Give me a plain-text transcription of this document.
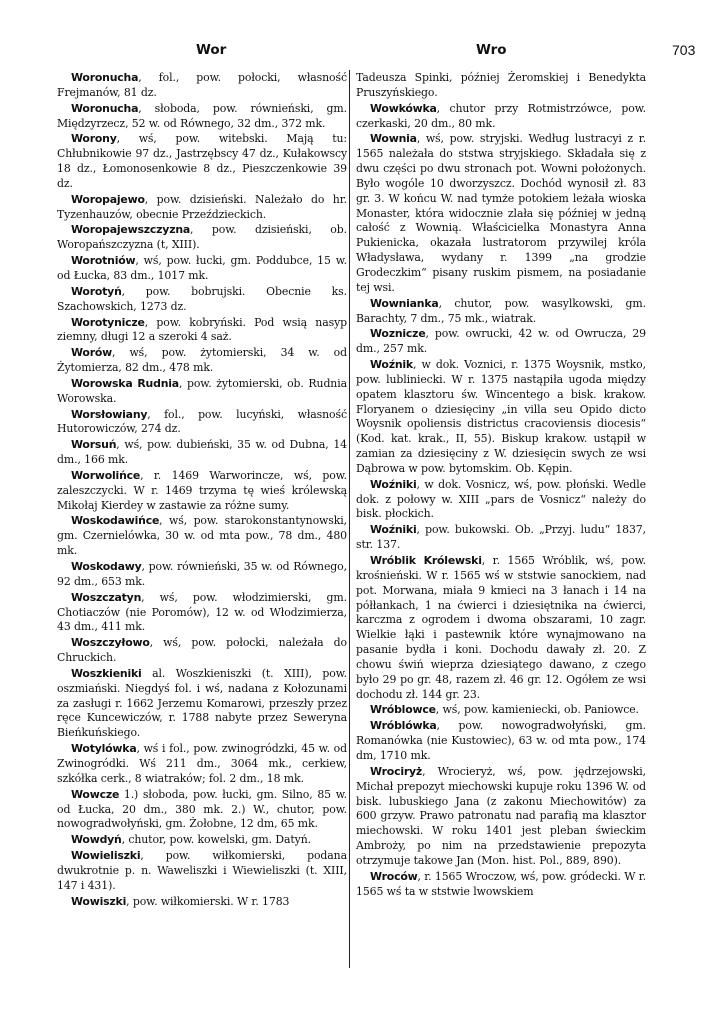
Wor	Wro	703

Woronucha, fol., pow. połocki, własność Frejmanów, 81 dz.

Woronucha, słoboda, pow. równieński, gm. Międzyrzecz, 52 w. od Równego, 32 dm., 372 mk.

Worony, wś, pow. witebski. Mają tu: Chłubnikowie 97 dz., Jastrzębscy 47 dz., Kułakowscy 18 dz., Łomonosenkowie 8 dz., Pieszczenkowie 39 dz.

Woropajewo, pow. dzisieński. Należało do hr. Tyzenhauzów, obecnie Przeździeckich.

Woropajewszczyzna, pow. dzisieński, ob. Woropańszczyzna (t, XIII).

Worotniów, wś, pow. łucki, gm. Poddubce, 15 w. od Łucka, 83 dm., 1017 mk.

Worotyń, pow. bobrujski. Obecnie ks. Szachowskich, 1273 dz.

Worotynicze, pow. kobryński. Pod wsią nasyp ziemny, długi 12 a szeroki 4 saż.

Worów, wś, pow. żytomierski, 34 w. od Żytomierza, 82 dm., 478 mk.

Worowska Rudnia, pow. żytomierski, ob. Rudnia Worowska.

Worsłowiany, fol., pow. lucyński, własność Hutorowiczów, 274 dz.

Worsuń, wś, pow. dubieński, 35 w. od Dubna, 14 dm., 166 mk.

Worwolińce, r. 1469 Warworincze, wś, pow. zaleszczycki. W r. 1469 trzyma tę wieś królewską Mikołaj Kierdey w zastawie za różne sumy.

Woskodawińce, wś, pow. starokonstantynowski, gm. Czernielówka, 30 w. od mta pow., 78 dm., 480 mk.

Woskodawy, pow. równieński, 35 w. od Równego, 92 dm., 653 mk.

Woszczatyn, wś, pow. włodzimierski, gm. Chotiaczów (nie Poromów), 12 w. od Włodzimierza, 43 dm., 411 mk.

Woszczyłowo, wś, pow. połocki, należała do Chruckich.

Woszkieniki al. Woszkieniszki (t. XIII), pow. oszmiański. Niegdyś fol. i wś, nadana z Kołozunami za zasługi r. 1662 Jerzemu Komarowi, przeszły przez ręce Kuncewiczów, r. 1788 nabyte przez Seweryna Bieńkuńskiego.

Wotylówka, wś i fol., pow. zwinogródzki, 45 w. od Zwinogródki. Wś 211 dm., 3064 mk., cerkiew, szkółka cerk., 8 wiatraków; fol. 2 dm., 18 mk.

Wowcze 1.) słoboda, pow. łucki, gm. Silno, 85 w. od Łucka, 20 dm., 380 mk. 2.) W., chutor, pow. nowogradwołyński, gm. Żołobne, 12 dm, 65 mk.

Wowdyń, chutor, pow. kowelski, gm. Datyń.

Wowieliszki, pow. wiłkomierski, podana dwukrotnie p. n. Waweliszki i Wiewieliszki (t. XIII, 147 i 431).

Wowiszki, pow. wiłkomierski. W r. 1783

Tadeusza Spinki, później Żeromskiej i Benedykta Pruszyńskiego.

Wowkówka, chutor przy Rotmistrzówce, pow. czerkaski, 20 dm., 80 mk.

Wownia, wś, pow. stryjski. Według lustracyi z r. 1565 należała do ststwa stryjskiego. Składała się z dwu części po dwu stronach pot. Wowni położonych. Było wogóle 10 dworzyszcz. Dochód wynosił zł. 83 gr. 3. W końcu W. nad tymże potokiem leżała wioska Monaster, która widocznie zlała się później w jedną całość z Wownią. Właścicielka Monastyra Anna Pukienicka, okazała lustratorom przywilej króla Władysława, wydany r. 1399 „na grodzie Grodeczkim“ pisany ruskim pismem, na posiadanie tej wsi.

Wownianka, chutor, pow. wasylkowski, gm. Barachty, 7 dm., 75 mk., wiatrak.

Woznicze, pow. owrucki, 42 w. od Owrucza, 29 dm., 257 mk.

Woźnik, w dok. Voznici, r. 1375 Woysnik, mstko, pow. lubliniecki. W r. 1375 nastąpiła ugoda między opatem klasztoru św. Wincentego a bisk. krakow. Floryanem o dziesięciny „in villa seu Opido dicto Woysnik opoliensis districtus cracoviensis diocesis“ (Kod. kat. krak., II, 55). Biskup krakow. ustąpił w zamian za dziesięciny z W. dziesięcin swych ze wsi Dąbrowa w pow. bytomskim. Ob. Kępin.

Woźniki, w dok. Vosnicz, wś, pow. płoński. Wedle dok. z połowy w. XIII „pars de Vosnicz“ należy do bisk. płockich.

Woźniki, pow. bukowski. Ob. „Przyj. ludu“ 1837, str. 137.

Wróblik Królewski, r. 1565 Wróblik, wś, pow. krośnieński. W r. 1565 wś w ststwie sanockiem, nad pot. Morwana, miała 9 kmieci na 3 łanach i 14 na półłankach, 1 na ćwierci i dziesiętnika na ćwierci, karczma z ogrodem i dwoma obszarami, 10 zagr. Wielkie łąki i pastewnik które wynajmowano na pasanie bydła i koni. Dochodu dawały zł. 20. Z chowu świń wieprza dziesiątego dawano, z czego było 29 po gr. 48, razem zł. 46 gr. 12. Ogółem ze wsi dochodu zł. 144 gr. 23.

Wróblowce, wś, pow. kamieniecki, ob. Paniowce.

Wróblówka, pow. nowogradwołyński, gm. Romanówka (nie Kustowiec), 63 w. od mta pow., 174 dm, 1710 mk.

Wrociryż, Wrocieryż, wś, pow. jędrzejowski, Michał prepozyt miechowski kupuje roku 1396 W. od bisk. lubuskiego Jana (z zakonu Miechowitów) za 600 grzyw. Prawo patronatu nad parafią ma klasztor miechowski. W roku 1401 jest pleban świeckim Ambroży, po nim na przedstawienie prepozyta otrzymuje takowe Jan (Mon. hist. Pol., 889, 890).

Wroców, r. 1565 Wroczow, wś, pow. gródecki. W r. 1565 wś ta w ststwie lwowskiem
